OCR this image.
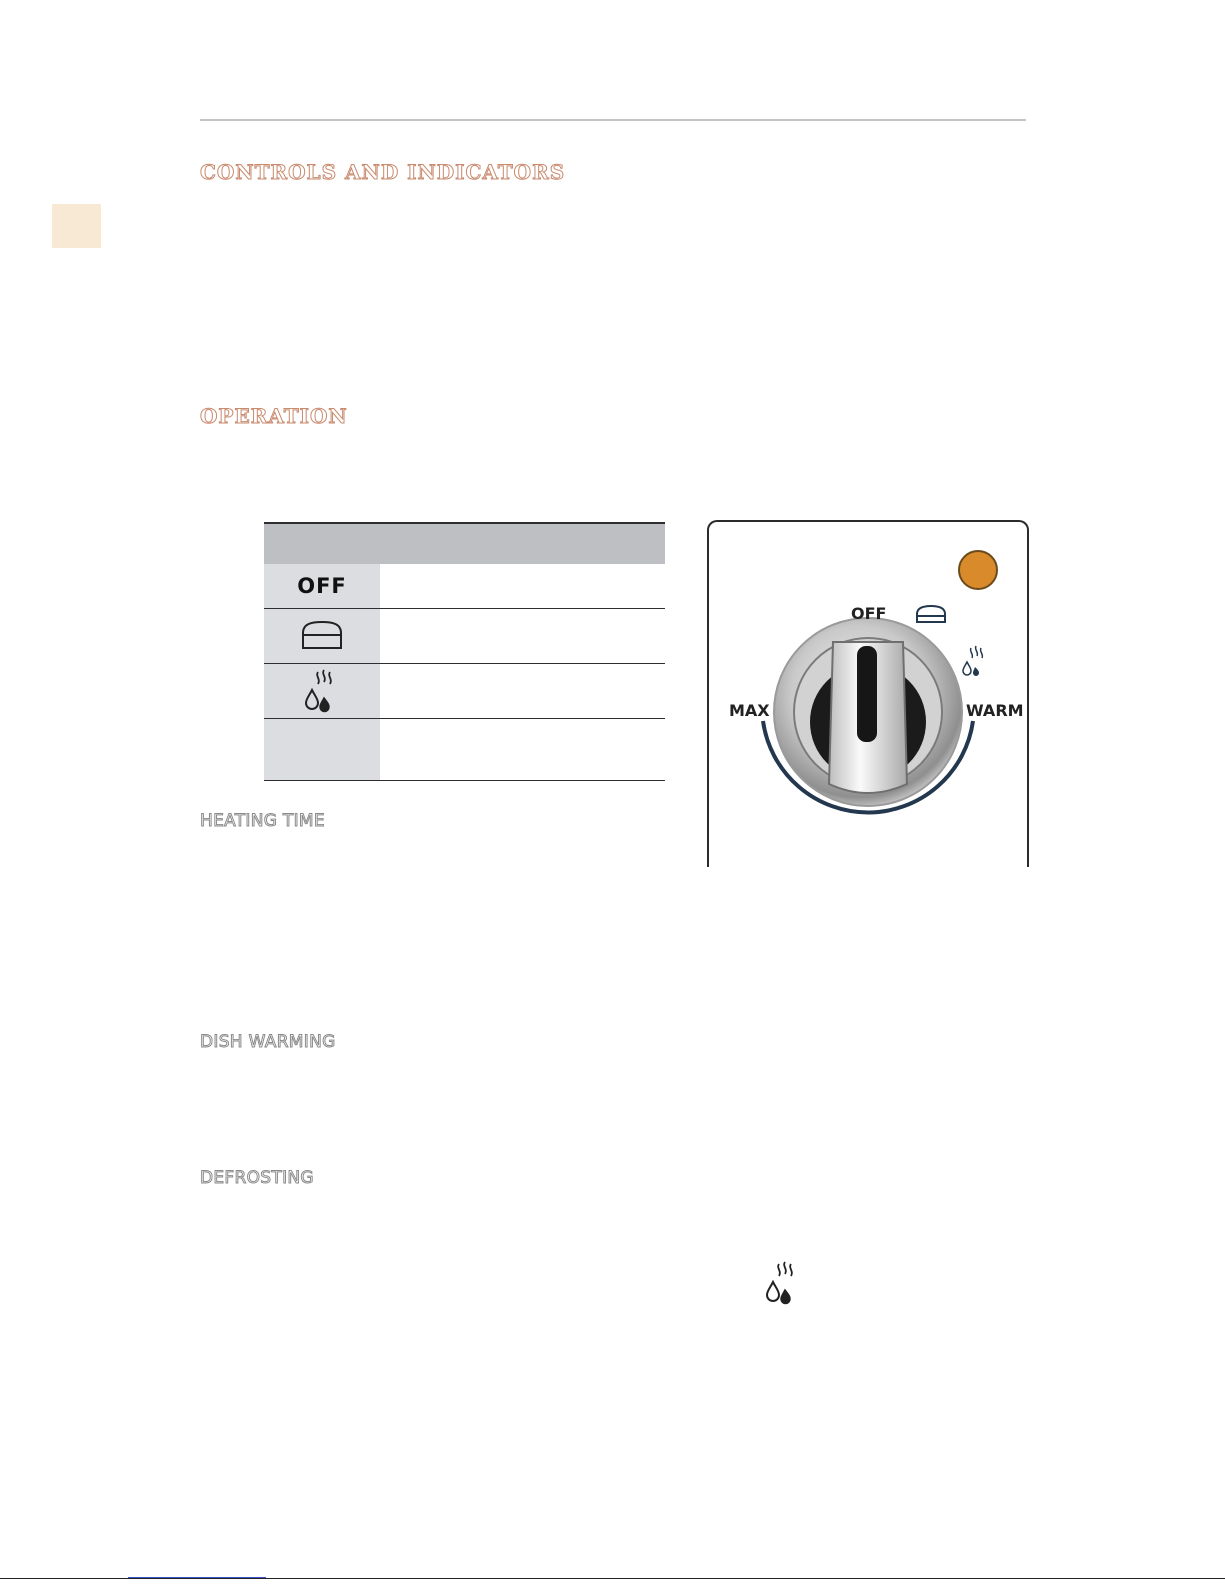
CONTROLS AND INDICATORS
OPERATION
OFF
OFF
MAX	WARM
HEATING TIME
DISH WARMING
DEFROSTING
